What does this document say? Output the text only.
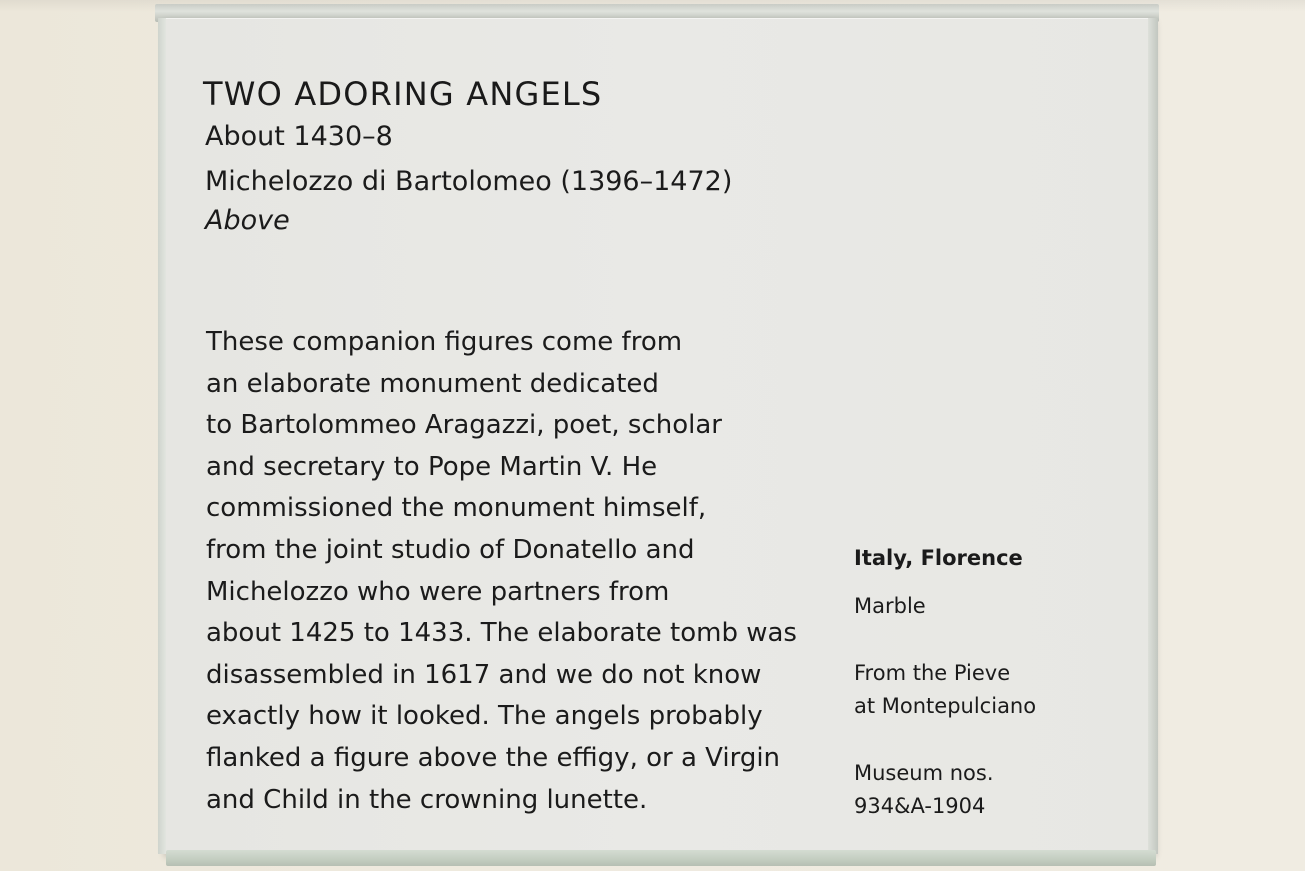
TWO ADORING ANGELS
About 1430–8
Michelozzo di Bartolomeo (1396–1472)
Above
These companion figures come from
an elaborate monument dedicated
to Bartolommeo Aragazzi, poet, scholar
and secretary to Pope Martin V. He
commissioned the monument himself,
from the joint studio of Donatello and
Michelozzo who were partners from
about 1425 to 1433. The elaborate tomb was
disassembled in 1617 and we do not know
exactly how it looked. The angels probably
flanked a figure above the effigy, or a Virgin
and Child in the crowning lunette.
Italy, Florence
Marble
From the Pieve
at Montepulciano
Museum nos.
934&A-1904
